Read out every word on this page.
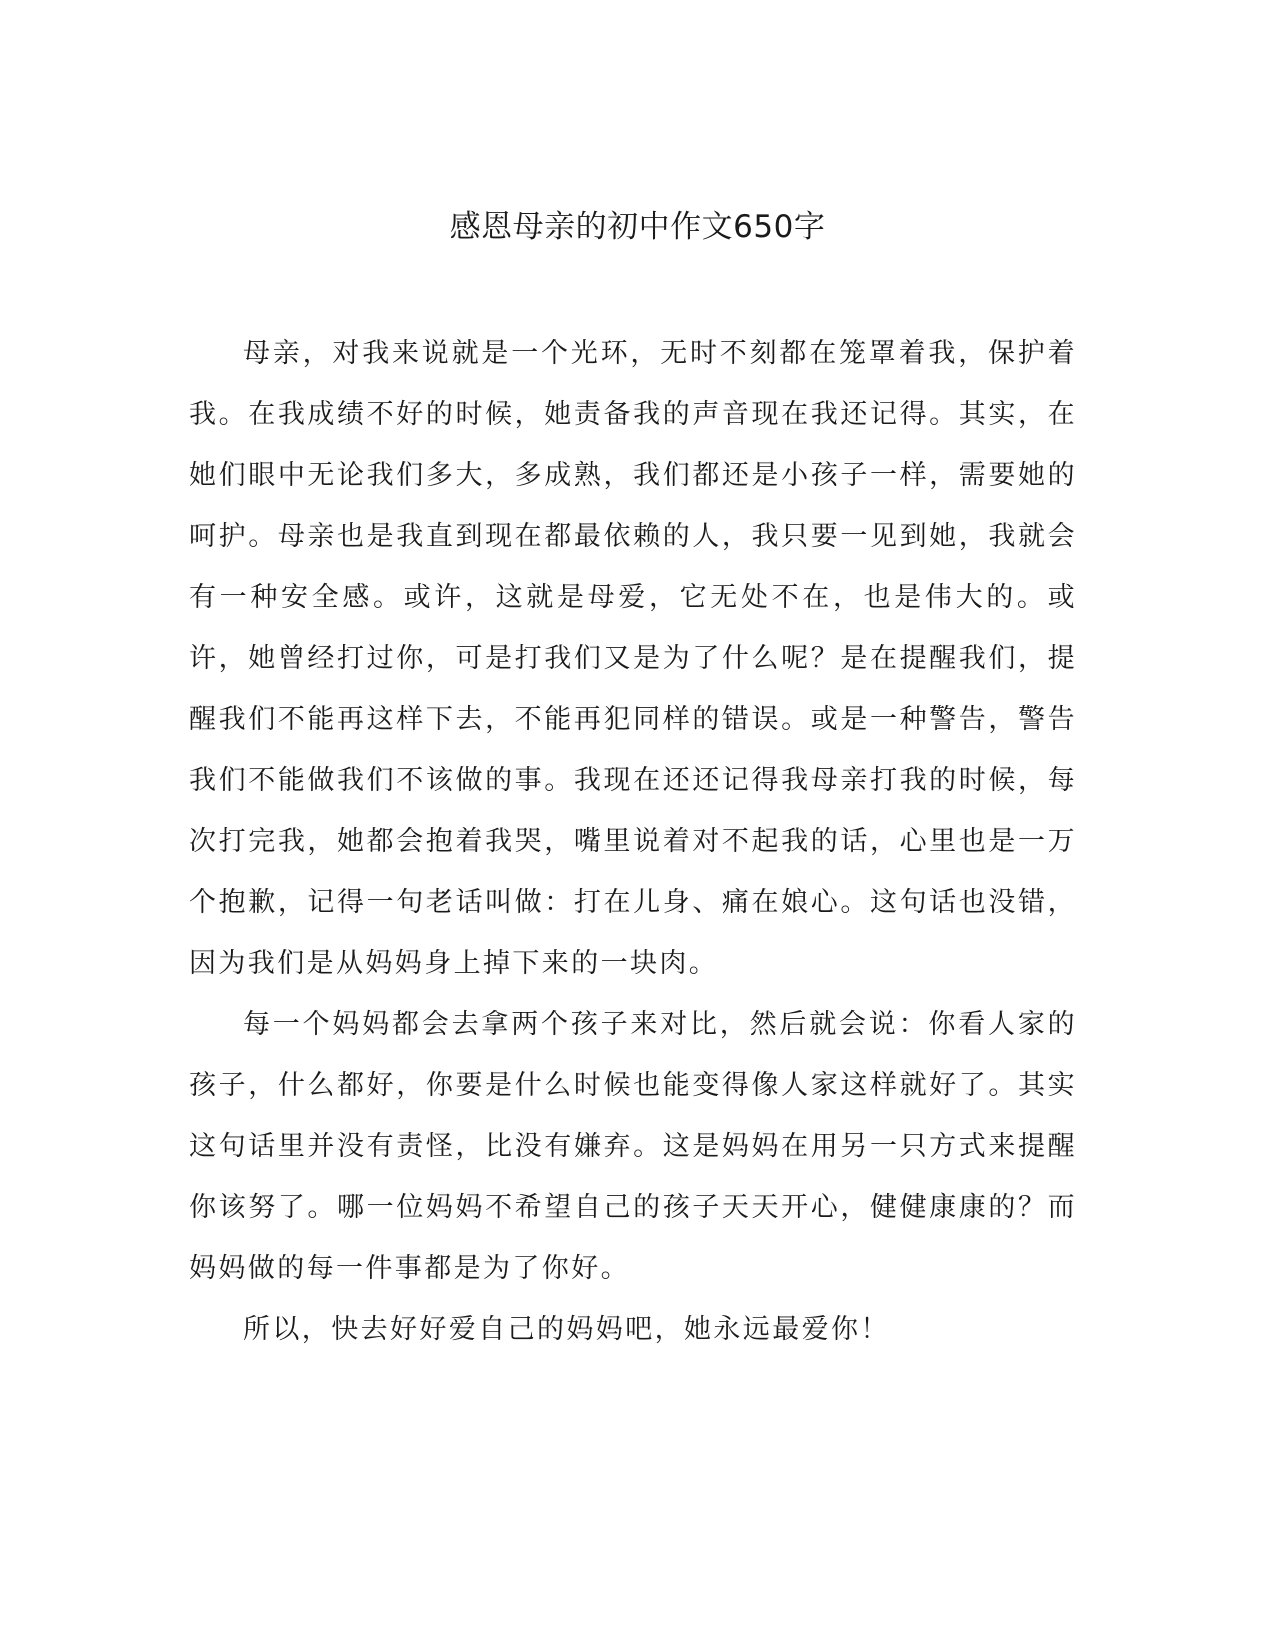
感恩母亲的初中作文650字

母亲，对我来说就是一个光环，无时不刻都在笼罩着我，保护着我。在我成绩不好的时候，她责备我的声音现在我还记得。其实，在她们眼中无论我们多大，多成熟，我们都还是小孩子一样，需要她的呵护。母亲也是我直到现在都最依赖的人，我只要一见到她，我就会有一种安全感。或许，这就是母爱，它无处不在，也是伟大的。或许，她曾经打过你，可是打我们又是为了什么呢？是在提醒我们，提醒我们不能再这样下去，不能再犯同样的错误。或是一种警告，警告我们不能做我们不该做的事。我现在还还记得我母亲打我的时候，每次打完我，她都会抱着我哭，嘴里说着对不起我的话，心里也是一万个抱歉，记得一句老话叫做：打在儿身、痛在娘心。这句话也没错，因为我们是从妈妈身上掉下来的一块肉。

每一个妈妈都会去拿两个孩子来对比，然后就会说：你看人家的孩子，什么都好，你要是什么时候也能变得像人家这样就好了。其实这句话里并没有责怪，比没有嫌弃。这是妈妈在用另一只方式来提醒你该努了。哪一位妈妈不希望自己的孩子天天开心，健健康康的？而妈妈做的每一件事都是为了你好。

所以，快去好好爱自己的妈妈吧，她永远最爱你！
